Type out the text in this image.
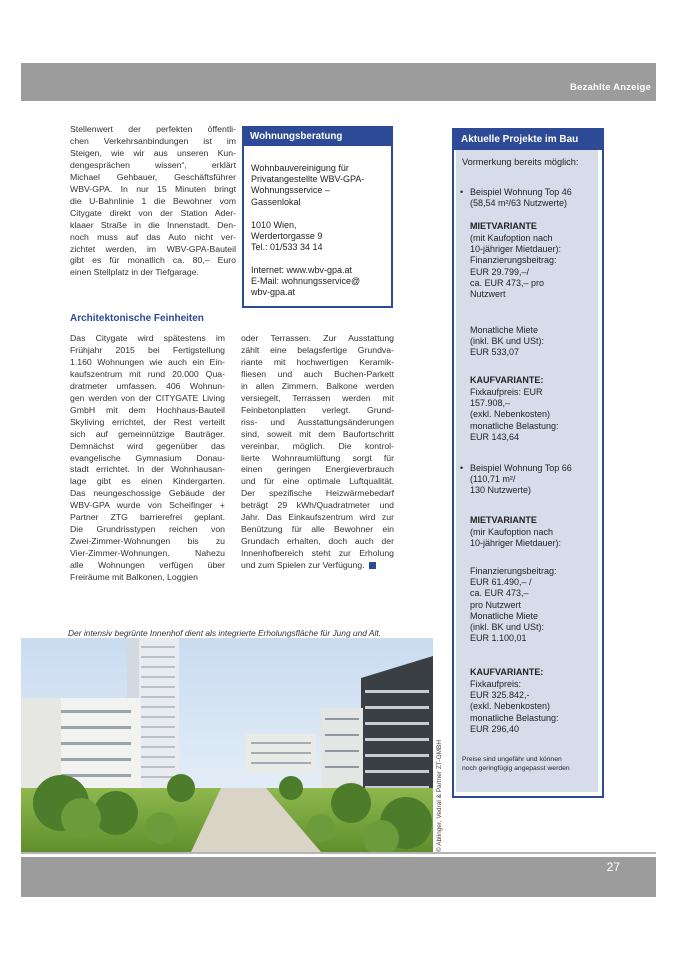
Bezahlte Anzeige

Stellenwert der perfekten öffentli-
chen Verkehrsanbindungen ist im
Steigen, wie wir aus unseren Kun-
dengesprächen wissen“, erklärt
Michael Gehbauer, Geschäftsführer
WBV-GPA. In nur 15 Minuten bringt
die U-Bahnlinie 1 die Bewohner vom
Citygate direkt von der Station Ader-
klaaer Straße in die Innenstadt. Den-
noch muss auf das Auto nicht ver-
zichtet werden, im WBV-GPA-Bauteil
gibt es für monatlich ca. 80,– Euro
einen Stellplatz in der Tiefgarage.

Architektonische Feinheiten

Das Citygate wird spätestens im
Frühjahr 2015 bei Fertigstellung
1.160 Wohnungen wie auch ein Ein-
kaufszentrum mit rund 20.000 Qua-
dratmeter umfassen. 406 Wohnun-
gen werden von der CITYGATE Living
GmbH mit dem Hochhaus-Bauteil
Skyliving errichtet, der Rest verteilt
sich auf gemeinnützige Bauträger.
Demnächst wird gegenüber das
evangelische Gymnasium Donau-
stadt errichtet. In der Wohnhausan-
lage gibt es einen Kindergarten.
Das neungeschossige Gebäude der
WBV-GPA wurde von Scheifinger +
Partner ZTG barrierefrei geplant.
Die Grundrisstypen reichen von
Zwei-Zimmer-Wohnungen bis zu
Vier-Zimmer-Wohnungen. Nahezu
alle Wohnungen verfügen über
Freiräume mit Balkonen, Loggien

oder Terrassen. Zur Ausstattung
zählt eine belagsfertige Grundva-
riante mit hochwertigen Keramik-
fliesen und auch Buchen-Parkett
in allen Zimmern. Balkone werden
versiegelt, Terrassen werden mit
Feinbetonplatten verlegt. Grund-
riss- und Ausstattungsänderungen
sind, soweit mit dem Baufortschritt
vereinbar, möglich. Die kontrol-
lierte Wohnraumlüftung sorgt für
einen geringen Energieverbrauch
und für eine optimale Luftqualität.
Der spezifische Heizwärmebedarf
beträgt 29 kWh/Quadratmeter und
Jahr. Das Einkaufszentrum wird zur
Benützung für alle Bewohner ein
Grundach erhalten, doch auch der
Innenhofbereich steht zur Erholung
und zum Spielen zur Verfügung.

Wohnungsberatung

Wohnbauvereinigung für
Privatangestellte WBV-GPA-
Wohnungsservice –
Gassenlokal

1010 Wien,
Werdertorgasse 9
Tel.: 01/533 34 14

Internet: www.wbv-gpa.at
E-Mail: wohnungsservice@
wbv-gpa.at

Aktuelle Projekte im Bau

Vormerkung bereits möglich:

• Beispiel Wohnung Top 46
(58,54 m²/63 Nutzwerte)

MIETVARIANTE

(mit Kaufoption nach
10-jähriger Mietdauer):
Finanzierungsbeitrag:
EUR 29.799,–/
ca. EUR 473,– pro
Nutzwert

Monatliche Miete
(inkl. BK und USt):
EUR 533,07

KAUFVARIANTE:

Fixkaufpreis: EUR
157.908,–
(exkl. Nebenkosten)
monatliche Belastung:
EUR 143,64

• Beispiel Wohnung Top 66
(110,71 m²/
130 Nutzwerte)

MIETVARIANTE

(mir Kaufoption nach
10-jähriger Mietdauer):

Finanzierungsbeitrag:
EUR 61.490,– /
ca. EUR 473,–
pro Nutzwert
Monatliche Miete
(inkl. BK und USt):
EUR 1.100,01

KAUFVARIANTE:

Fixkaufpreis:
EUR 325.842,-
(exkl. Nebenkosten)
monatliche Belastung:
EUR 296,40

Preise sind ungefähr und können
noch geringfügig angepasst werden

Der intensiv begrünte Innenhof dient als integrierte Erholungsfläche für Jung und Alt.
© Ablinger, Vedral & Partner ZT-GMBH
27
